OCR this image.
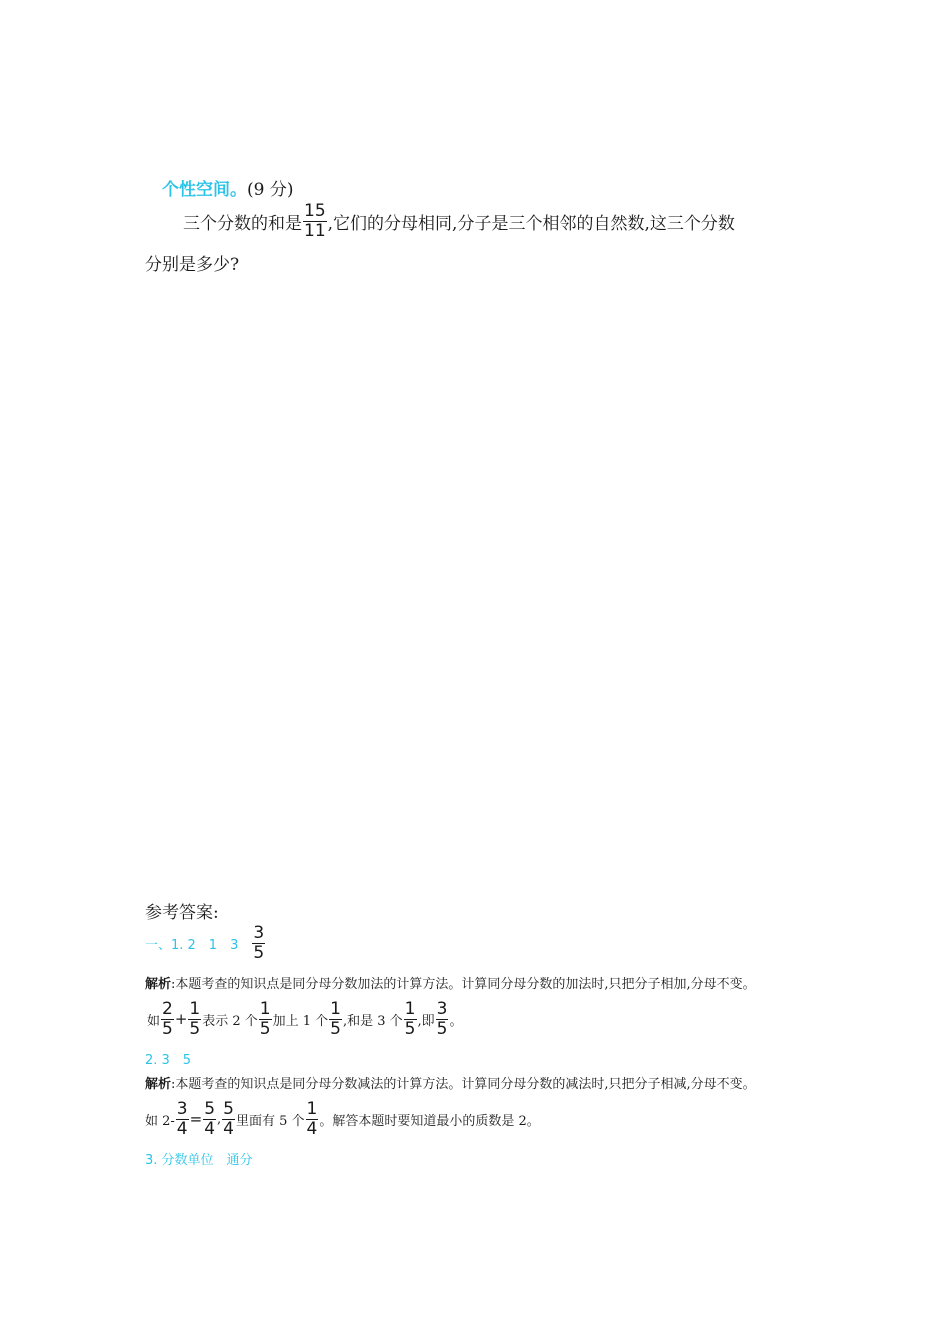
个性空间。(9 分)
三个分数的和是 $\frac{15}{11}$ ,它们的分母相同,分子是三个相邻的自然数,这三个分数
分别是多少?
参考答案:
一、1. 2　1　$3 \frac{3}{5}$
解析:本题考查的知识点是同分母分数加法的计算方法。计算同分母分数的加法时,只把分子相加,分母不变。
如 $\frac{2}{5} + \frac{1}{5}$ 表示 2 个 $\frac{1}{5}$ 加上 1 个 $\frac{1}{5}$ ,和是 3 个 $\frac{1}{5}$ ,即 $\frac{3}{5}$ 。
2. 3　5
解析:本题考查的知识点是同分母分数减法的计算方法。计算同分母分数的减法时,只把分子相减,分母不变。
如 $2- \frac{3}{4} = \frac{5}{4}$ , $\frac{5}{4}$ 里面有 5 个 $\frac{1}{4}$ 。解答本题时要知道最小的质数是 2。
3. 分数单位　通分
